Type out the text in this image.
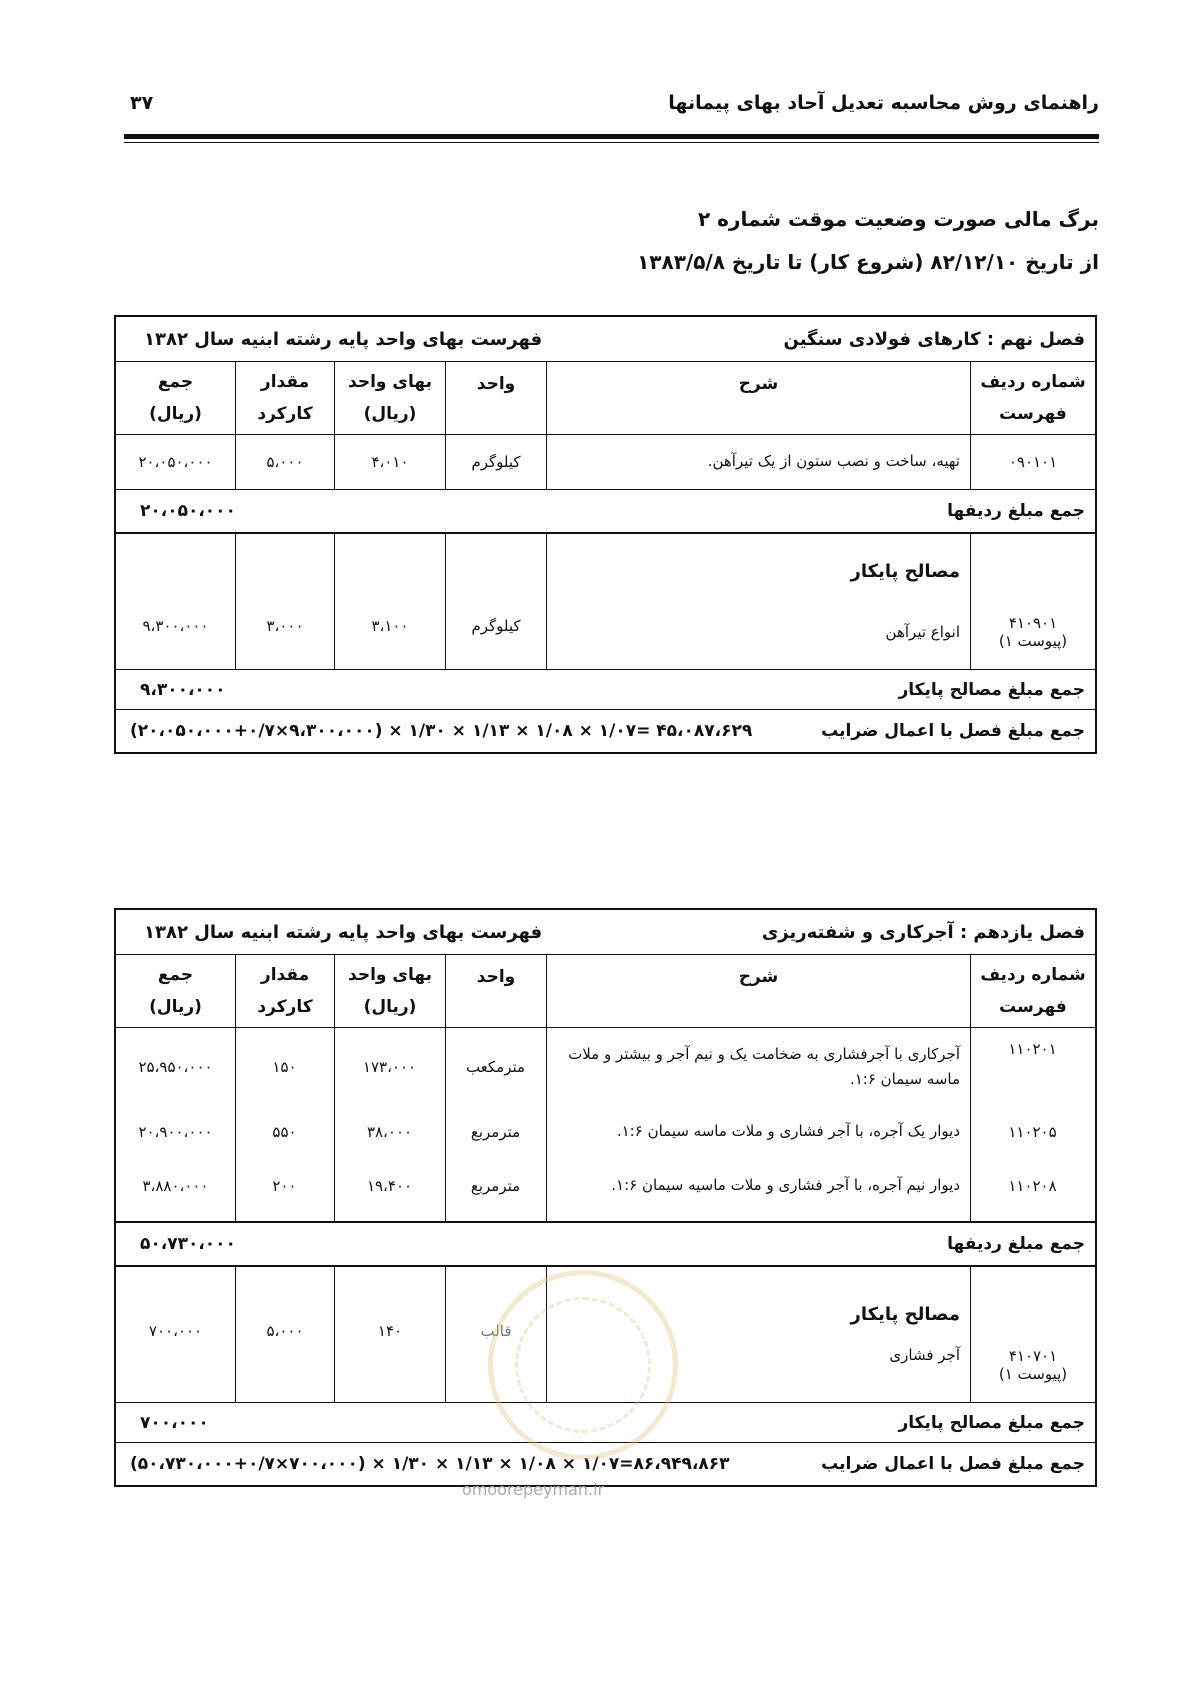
راهنمای روش محاسبه تعدیل آحاد بهای پیمانها
۳۷
برگ مالی صورت وضعیت موقت شماره ۲
از تاریخ ۸۲/۱۲/۱۰ (شروع کار) تا تاریخ ۱۳۸۳/۵/۸
فصل نهم : کارهای فولادی سنگین
فهرست بهای واحد پایه رشته ابنیه سال ۱۳۸۲
شماره ردیف
فهرست
شرح
واحد
بهای واحد
(ریال)
مقدار
کارکرد
جمع
(ریال)
۰۹۰۱۰۱
تهیه، ساخت و نصب ستون از یک تیرآهن.
کیلوگرم
۴،۰۱۰
۵،۰۰۰
۲۰،۰۵۰،۰۰۰
جمع مبلغ ردیفها
۲۰،۰۵۰،۰۰۰
۴۱۰۹۰۱
(پیوست ۱)
مصالح پایکار
انواع تیرآهن
کیلوگرم
۳،۱۰۰
۳،۰۰۰
۹،۳۰۰،۰۰۰
جمع مبلغ مصالح پایکار
۹،۳۰۰،۰۰۰
جمع مبلغ فصل با اعمال ضرایب
(۲۰،۰۵۰،۰۰۰+۰/۷×۹،۳۰۰،۰۰۰) × ۱/۳۰ × ۱/۱۳ × ۱/۰۸ × ۱/۰۷= ۴۵،۰۸۷،۶۲۹
فصل یازدهم : آجرکاری و شفته‌ریزی
فهرست بهای واحد پایه رشته ابنیه سال ۱۳۸۲
شماره ردیف
فهرست
شرح
واحد
بهای واحد
(ریال)
مقدار
کارکرد
جمع
(ریال)
۱۱۰۲۰۱
آجرکاری با آجرفشاری به ضخامت یک و نیم آجر و بیشتر و ملات ماسه سیمان ۱:۶.
مترمکعب
۱۷۳،۰۰۰
۱۵۰
۲۵،۹۵۰،۰۰۰
۱۱۰۲۰۵
دیوار یک آجره، با آجر فشاری و ملات ماسه سیمان ۱:۶.
مترمربع
۳۸،۰۰۰
۵۵۰
۲۰،۹۰۰،۰۰۰
۱۱۰۲۰۸
دیوار نیم آجره، با آجر فشاری و ملات ماسیه سیمان ۱:۶.
مترمربع
۱۹،۴۰۰
۲۰۰
۳،۸۸۰،۰۰۰
جمع مبلغ ردیفها
۵۰،۷۳۰،۰۰۰
۴۱۰۷۰۱
(پیوست ۱)
مصالح پایکار
آجر فشاری
قالب
۱۴۰
۵،۰۰۰
۷۰۰،۰۰۰
جمع مبلغ مصالح پایکار
۷۰۰،۰۰۰
جمع مبلغ فصل با اعمال ضرایب
(۵۰،۷۳۰،۰۰۰+۰/۷×۷۰۰،۰۰۰) × ۱/۳۰ × ۱/۱۳ × ۱/۰۸ × ۱/۰۷=۸۶،۹۴۹،۸۶۳
omoorepeyman.ir
